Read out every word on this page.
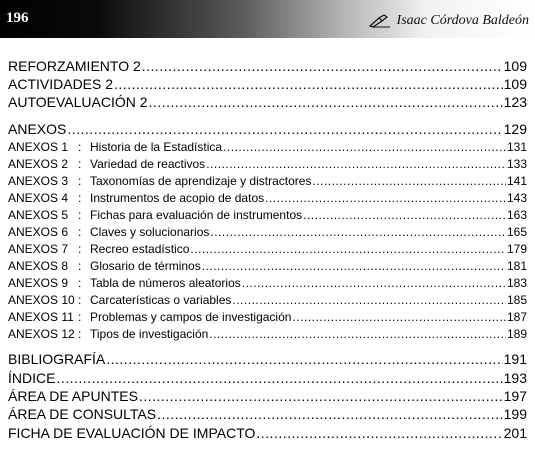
196	Isaac Córdova Baldeón
REFORZAMIENTO 2 .....	109
ACTIVIDADES 2 .....	109
AUTOEVALUACIÓN 2 .....	123
ANEXOS .....	129
ANEXOS 1 : Historia de la Estadística .....	131
ANEXOS 2 : Variedad de reactivos .....	133
ANEXOS 3 : Taxonomías de aprendizaje y distractores .....	141
ANEXOS 4 : Instrumentos de acopio de datos .....	143
ANEXOS 5 : Fichas para evaluación de instrumentos .....	163
ANEXOS 6 : Claves y solucionarios .....	165
ANEXOS 7 : Recreo estadístico .....	179
ANEXOS 8 : Glosario de términos .....	181
ANEXOS 9 : Tabla de números aleatorios .....	183
ANEXOS 10 : Carcaterísticas o variables .....	185
ANEXOS 11 : Problemas y campos de investigación .....	187
ANEXOS 12 : Tipos de investigación .....	189
BIBLIOGRAFÍA .....	191
ÍNDICE .....	193
ÁREA DE APUNTES .....	197
ÁREA DE CONSULTAS .....	199
FICHA DE EVALUACIÓN DE IMPACTO .....	201
